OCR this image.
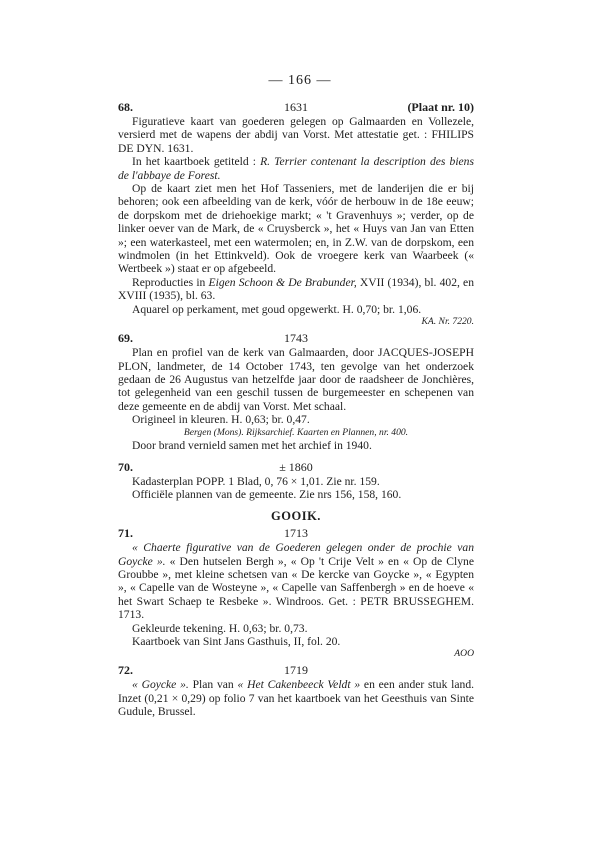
— 166 —
68.	1631	(Plaat nr. 10)

Figuratieve kaart van goederen gelegen op Galmaarden en Vollezele, versierd met de wapens der abdij van Vorst. Met attestatie get. : FHILIPS DE DYN. 1631.

In het kaartboek getiteld : R. Terrier contenant la description des biens de l'abbaye de Forest.

Op de kaart ziet men het Hof Tasseniers, met de landerijen die er bij behoren; ook een afbeelding van de kerk, vóór de herbouw in de 18e eeuw; de dorpskom met de driehoekige markt; « 't Gravenhuys »; verder, op de linker oever van de Mark, de « Cruysberck », het « Huys van Jan van Etten »; een waterkasteel, met een watermolen; en, in Z.W. van de dorpskom, een windmolen (in het Ettinkveld). Ook de vroegere kerk van Waarbeek (« Wertbeek ») staat er op afgebeeld.

Reproducties in Eigen Schoon & De Brabunder, XVII (1934), bl. 402, en XVIII (1935), bl. 63.

Aquarel op perkament, met goud opgewerkt. H. 0,70; br. 1,06.

KA. Nr. 7220.

69.	1743

Plan en profiel van de kerk van Galmaarden, door JACQUES-JOSEPH PLON, landmeter, de 14 October 1743, ten gevolge van het onderzoek gedaan de 26 Augustus van hetzelfde jaar door de raadsheer de Jonchières, tot gelegenheid van een geschil tussen de burgemeester en schepenen van deze gemeente en de abdij van Vorst. Met schaal.

Origineel in kleuren. H. 0,63; br. 0,47.

Bergen (Mons). Rijksarchief. Kaarten en Plannen, nr. 400.

Door brand vernield samen met het archief in 1940.

70.	± 1860

Kadasterplan POPP. 1 Blad, 0, 76 × 1,01. Zie nr. 159.

Officiële plannen van de gemeente. Zie nrs 156, 158, 160.

GOOIK.
71.	1713

« Chaerte figurative van de Goederen gelegen onder de prochie van Goycke ». « Den hutselen Bergh », « Op 't Crije Velt » en « Op de Clyne Groubbe », met kleine schetsen van « De kercke van Goycke », « Egypten », « Capelle van de Wosteyne », « Capelle van Saffenbergh » en de hoeve « het Swart Schaep te Resbeke ». Windroos. Get. : PETR BRUSSEGHEM. 1713.

Gekleurde tekening. H. 0,63; br. 0,73.

Kaartboek van Sint Jans Gasthuis, II, fol. 20.

AOO

72.	1719

« Goycke ». Plan van « Het Cakenbeeck Veldt » en een ander stuk land. Inzet (0,21 × 0,29) op folio 7 van het kaartboek van het Geesthuis van Sinte Gudule, Brussel.
